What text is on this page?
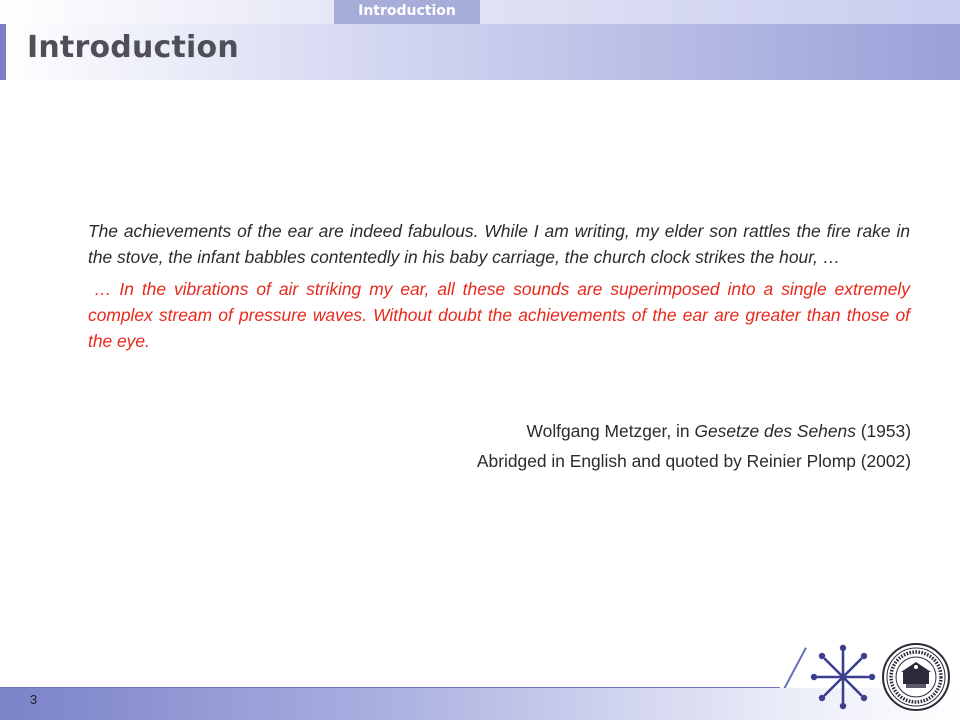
Introduction
Introduction

The achievements of the ear are indeed fabulous. While I am writing, my elder son rattles the fire rake in the stove, the infant babbles contentedly in his baby carriage, the church clock strikes the hour, …

… In the vibrations of air striking my ear, all these sounds are superimposed into a single extremely complex stream of pressure waves. Without doubt the achievements of the ear are greater than those of the eye.

Wolfgang Metzger, in Gesetze des Sehens (1953)
Abridged in English and quoted by Reinier Plomp (2002)
3
